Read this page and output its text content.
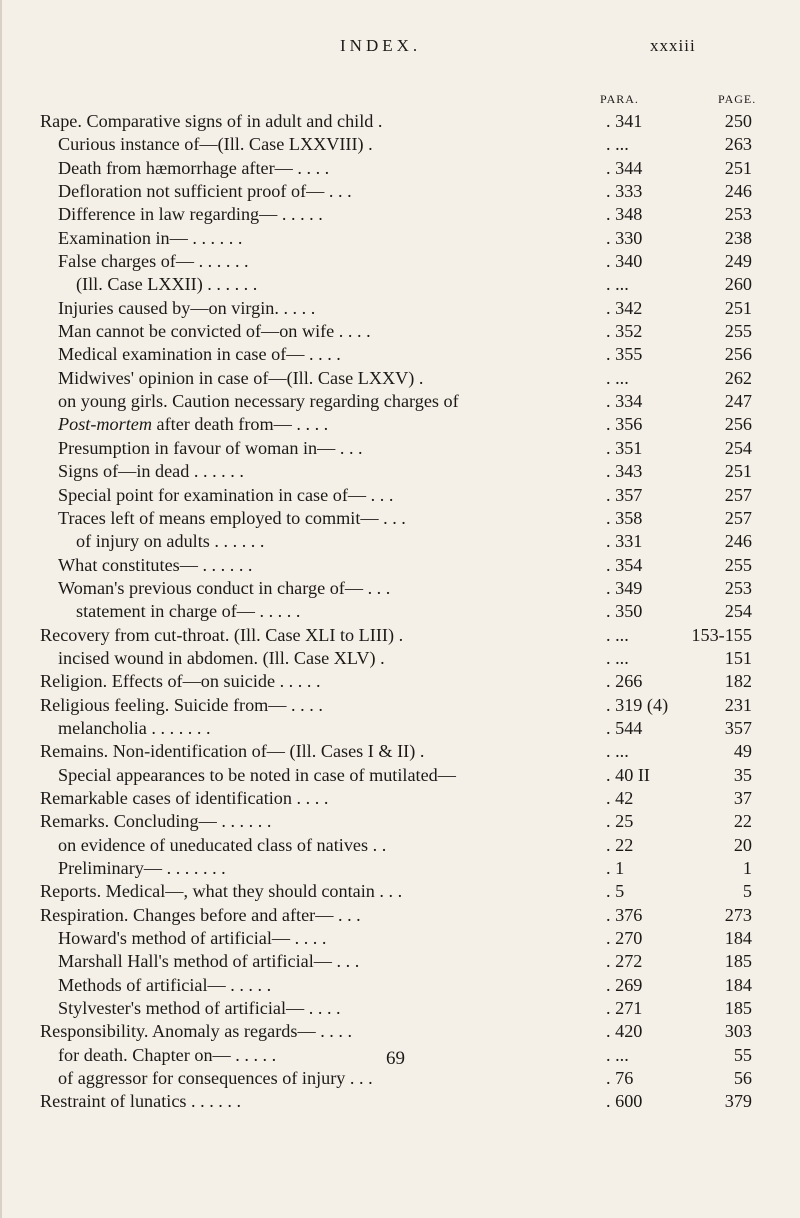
INDEX.	xxxiii
PARA.	PAGE.
Rape. Comparative signs of in adult and child .	. 341	250
Curious instance of—(Ill. Case LXXVIII) .	. ...	263
Death from hæmorrhage after— . . . .	. 344	251
Defloration not sufficient proof of— . . .	. 333	246
Difference in law regarding— . . . . .	. 348	253
Examination in— . . . . . .	. 330	238
False charges of— . . . . . .	. 340	249
(Ill. Case LXXII) . . . . . .	. ...	260
Injuries caused by—on virgin. . . . .	. 342	251
Man cannot be convicted of—on wife . . . .	. 352	255
Medical examination in case of— . . . .	. 355	256
Midwives' opinion in case of—(Ill. Case LXXV) .	. ...	262
on young girls. Caution necessary regarding charges of	. 334	247
Post-mortem after death from— . . . .	. 356	256
Presumption in favour of woman in— . . .	. 351	254
Signs of—in dead . . . . . .	. 343	251
Special point for examination in case of— . . .	. 357	257
Traces left of means employed to commit— . . .	. 358	257
of injury on adults . . . . . .	. 331	246
What constitutes— . . . . . .	. 354	255
Woman's previous conduct in charge of— . . .	. 349	253
statement in charge of— . . . . .	. 350	254
Recovery from cut-throat. (Ill. Case XLI to LIII) .	. ...	153-155
incised wound in abdomen. (Ill. Case XLV) .	. ...	151
Religion. Effects of—on suicide . . . . .	. 266	182
Religious feeling. Suicide from— . . . .	. 319 (4)	231
melancholia . . . . . . .	. 544	357
Remains. Non-identification of— (Ill. Cases I & II) .	. ...	49
Special appearances to be noted in case of mutilated—	. 40 II	35
Remarkable cases of identification . . . .	. 42	37
Remarks. Concluding— . . . . . .	. 25	22
on evidence of uneducated class of natives . .	. 22	20
Preliminary— . . . . . . .	. 1	1
Reports. Medical—, what they should contain . . .	. 5	5
Respiration. Changes before and after— . . .	. 376	273
Howard's method of artificial— . . . .	. 270	184
Marshall Hall's method of artificial— . . .	. 272	185
Methods of artificial— . . . . .	. 269	184
Stylvester's method of artificial— . . . .	. 271	185
Responsibility. Anomaly as regards— . . . .	. 420	303
for death. Chapter on— . . . . .	. ...	55
of aggressor for consequences of injury . . .	. 76	56
Restraint of lunatics . . . . . .	. 600	379
69
